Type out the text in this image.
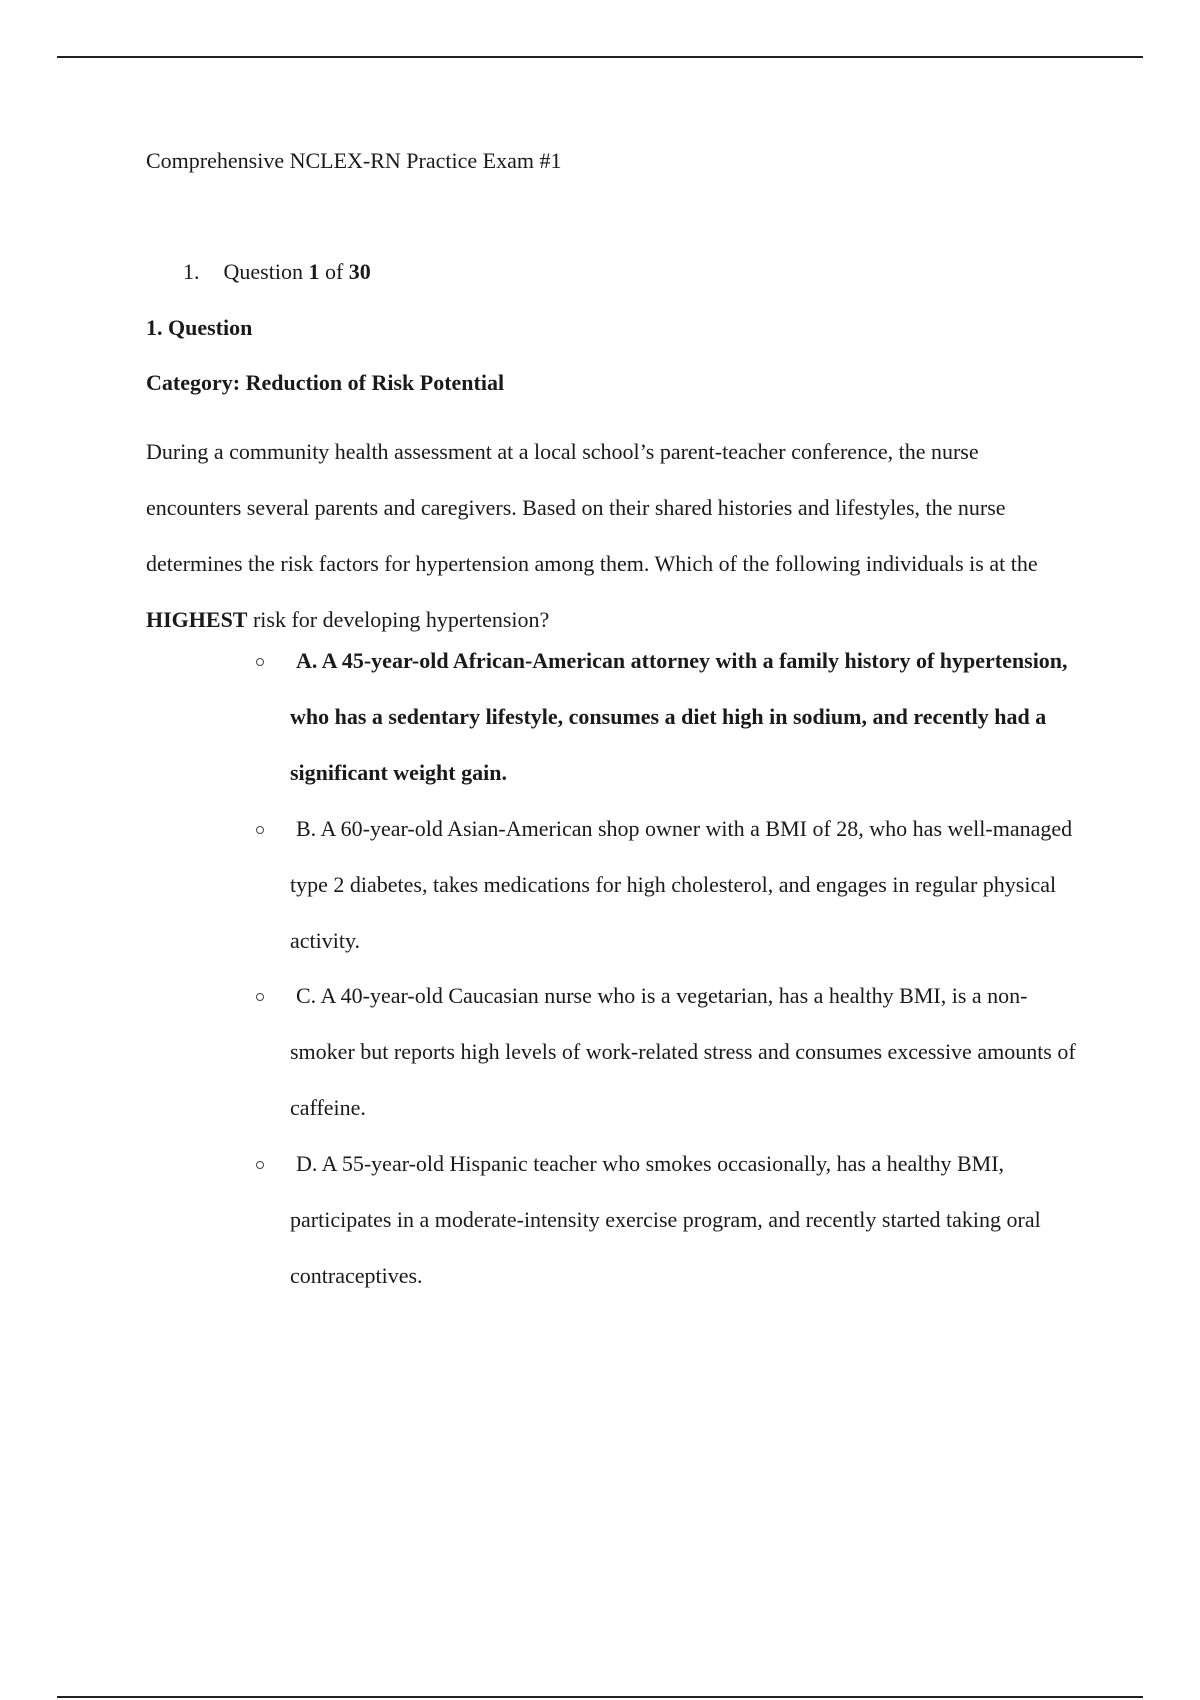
Comprehensive NCLEX-RN Practice Exam #1
1. Question 1 of 30
1. Question
Category: Reduction of Risk Potential

During a community health assessment at a local school’s parent-teacher conference, the nurse encounters several parents and caregivers. Based on their shared histories and lifestyles, the nurse determines the risk factors for hypertension among them. Which of the following individuals is at the HIGHEST risk for developing hypertension?

A. A 45-year-old African-American attorney with a family history of hypertension, who has a sedentary lifestyle, consumes a diet high in sodium, and recently had a significant weight gain.
B. A 60-year-old Asian-American shop owner with a BMI of 28, who has well-managed type 2 diabetes, takes medications for high cholesterol, and engages in regular physical activity.
C. A 40-year-old Caucasian nurse who is a vegetarian, has a healthy BMI, is a non-smoker but reports high levels of work-related stress and consumes excessive amounts of caffeine.
D. A 55-year-old Hispanic teacher who smokes occasionally, has a healthy BMI, participates in a moderate-intensity exercise program, and recently started taking oral contraceptives.
